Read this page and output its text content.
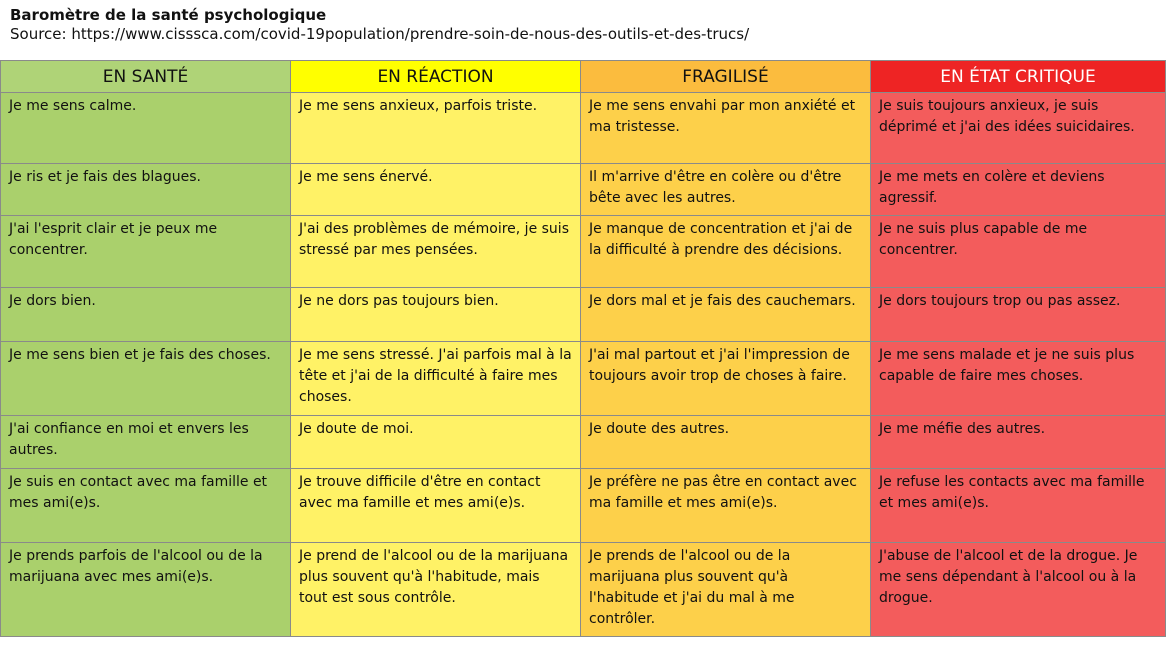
Baromètre de la santé psychologique
Source: https://www.cisssca.com/covid-19population/prendre-soin-de-nous-des-outils-et-des-trucs/
EN SANTÉ	EN RÉACTION	FRAGILISÉ	EN ÉTAT CRITIQUE
Je me sens calme.	Je me sens anxieux, parfois triste.	Je me sens envahi par mon anxiété et ma tristesse.	Je suis toujours anxieux, je suis déprimé et j'ai des idées suicidaires.
Je ris et je fais des blagues.	Je me sens énervé.	Il m'arrive d'être en colère ou d'être bête avec les autres.	Je me mets en colère et deviens agressif.
J'ai l'esprit clair et je peux me concentrer.	J'ai des problèmes de mémoire, je suis stressé par mes pensées.	Je manque de concentration et j'ai de la difficulté à prendre des décisions.	Je ne suis plus capable de me concentrer.
Je dors bien.	Je ne dors pas toujours bien.	Je dors mal et je fais des cauchemars.	Je dors toujours trop ou pas assez.
Je me sens bien et je fais des choses.	Je me sens stressé. J'ai parfois mal à la tête et j'ai de la difficulté à faire mes choses.	J'ai mal partout et j'ai l'impression de toujours avoir trop de choses à faire.	Je me sens malade et je ne suis plus capable de faire mes choses.
J'ai confiance en moi et envers les autres.	Je doute de moi.	Je doute des autres.	Je me méfie des autres.
Je suis en contact avec ma famille et mes ami(e)s.	Je trouve difficile d'être en contact avec ma famille et mes ami(e)s.	Je préfère ne pas être en contact avec ma famille et mes ami(e)s.	Je refuse les contacts avec ma famille et mes ami(e)s.
Je prends parfois de l'alcool ou de la marijuana avec mes ami(e)s.	Je prend de l'alcool ou de la marijuana plus souvent qu'à l'habitude, mais tout est sous contrôle.	Je prends de l'alcool ou de la marijuana plus souvent qu'à l'habitude et j'ai du mal à me contrôler.	J'abuse de l'alcool et de la drogue. Je me sens dépendant à l'alcool ou à la drogue.
